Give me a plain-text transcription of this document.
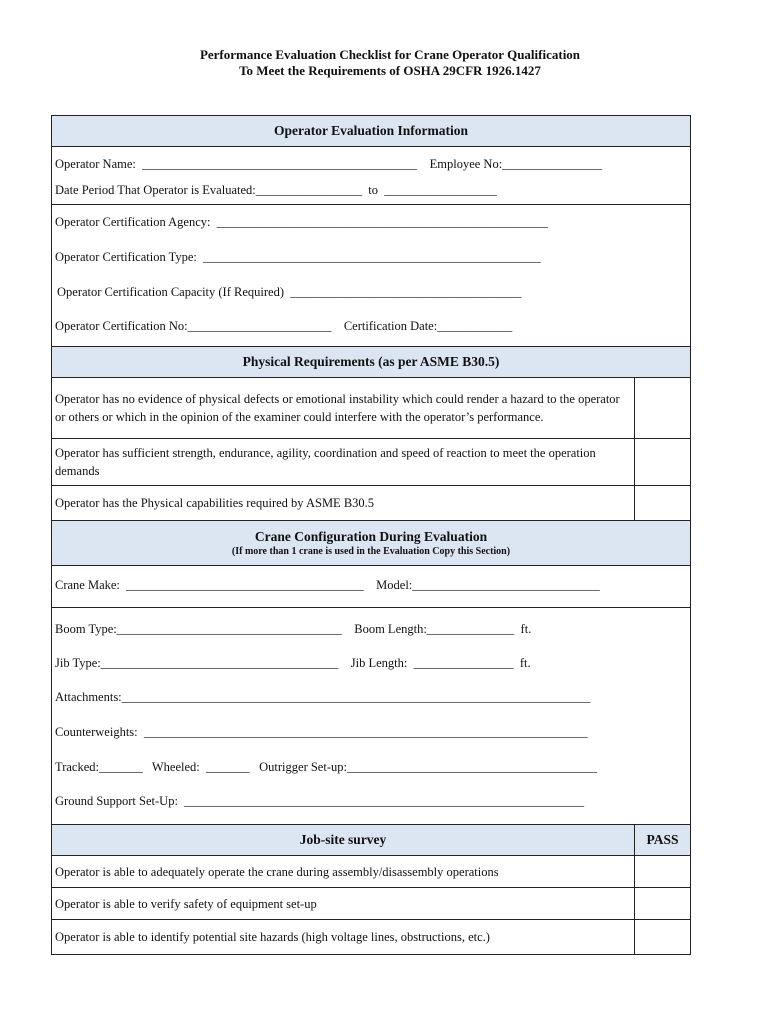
Performance Evaluation Checklist for Crane Operator Qualification
To Meet the Requirements of OSHA 29CFR 1926.1427
Operator Evaluation Information
Operator Name:  ____________________________________________    Employee No:________________
Date Period That Operator is Evaluated:_________________  to  __________________
Operator Certification Agency:  _____________________________________________________
Operator Certification Type:  ______________________________________________________
Operator Certification Capacity (If Required)  _____________________________________
Operator Certification No:_______________________    Certification Date:____________
Physical Requirements (as per ASME B30.5)
Operator has no evidence of physical defects or emotional instability which could render a hazard to the operator or others or which in the opinion of the examiner could interfere with the operator’s performance.
Operator has sufficient strength, endurance, agility, coordination and speed of reaction to meet the operation demands
Operator has the Physical capabilities required by ASME B30.5
Crane Configuration During Evaluation
(If more than 1 crane is used in the Evaluation Copy this Section)
Crane Make:  ______________________________________    Model:______________________________
Boom Type:____________________________________    Boom Length:______________  ft.
Jib Type:______________________________________    Jib Length:  ________________  ft.
Attachments:___________________________________________________________________________
Counterweights:  _______________________________________________________________________
Tracked:_______   Wheeled:  _______   Outrigger Set-up:________________________________________
Ground Support Set-Up:  ________________________________________________________________
Job-site survey	PASS
Operator is able to adequately operate the crane during assembly/disassembly operations
Operator is able to verify safety of equipment set-up
Operator is able to identify potential site hazards (high voltage lines, obstructions, etc.)
